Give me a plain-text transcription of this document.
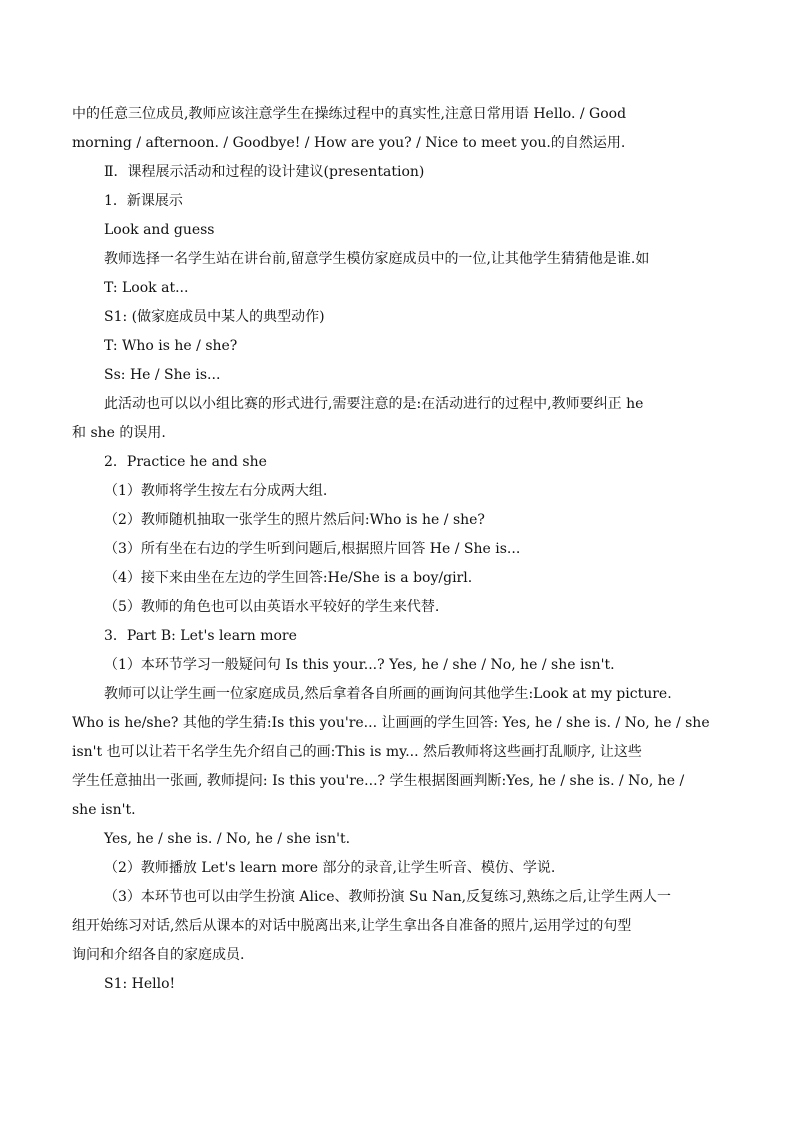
中的任意三位成员,教师应该注意学生在操练过程中的真实性,注意日常用语 Hello. / Good

morning / afternoon. / Goodbye! / How are you? / Nice to meet you.的自然运用.

Ⅱ．课程展示活动和过程的设计建议(presentation)

1．新课展示

Look and guess

教师选择一名学生站在讲台前,留意学生模仿家庭成员中的一位,让其他学生猜猜他是谁.如

T: Look at...

S1: (做家庭成员中某人的典型动作)

T: Who is he / she?

Ss: He / She is...

此活动也可以以小组比赛的形式进行,需要注意的是:在活动进行的过程中,教师要纠正 he

和 she 的误用.

2．Practice he and she

（1）教师将学生按左右分成两大组.

（2）教师随机抽取一张学生的照片然后问:Who is he / she?

（3）所有坐在右边的学生听到问题后,根据照片回答 He / She is...

（4）接下来由坐在左边的学生回答:He/She is a boy/girl.

（5）教师的角色也可以由英语水平较好的学生来代替.

3．Part B: Let's learn more

（1）本环节学习一般疑问句 Is this your...? Yes, he / she / No, he / she isn't.

教师可以让学生画一位家庭成员,然后拿着各自所画的画询问其他学生:Look at my picture.

Who is he/she? 其他的学生猜:Is this you're... 让画画的学生回答: Yes, he / she is. / No, he / she

isn't 也可以让若干名学生先介绍自己的画:This is my... 然后教师将这些画打乱顺序, 让这些

学生任意抽出一张画, 教师提问: Is this you're...? 学生根据图画判断:Yes, he / she is. / No, he /

she isn't.

Yes, he / she is. / No, he / she isn't.

（2）教师播放 Let's learn more 部分的录音,让学生听音、模仿、学说.

（3）本环节也可以由学生扮演 Alice、教师扮演 Su Nan,反复练习,熟练之后,让学生两人一

组开始练习对话,然后从课本的对话中脱离出来,让学生拿出各自准备的照片,运用学过的句型

询问和介绍各自的家庭成员.

S1: Hello!
